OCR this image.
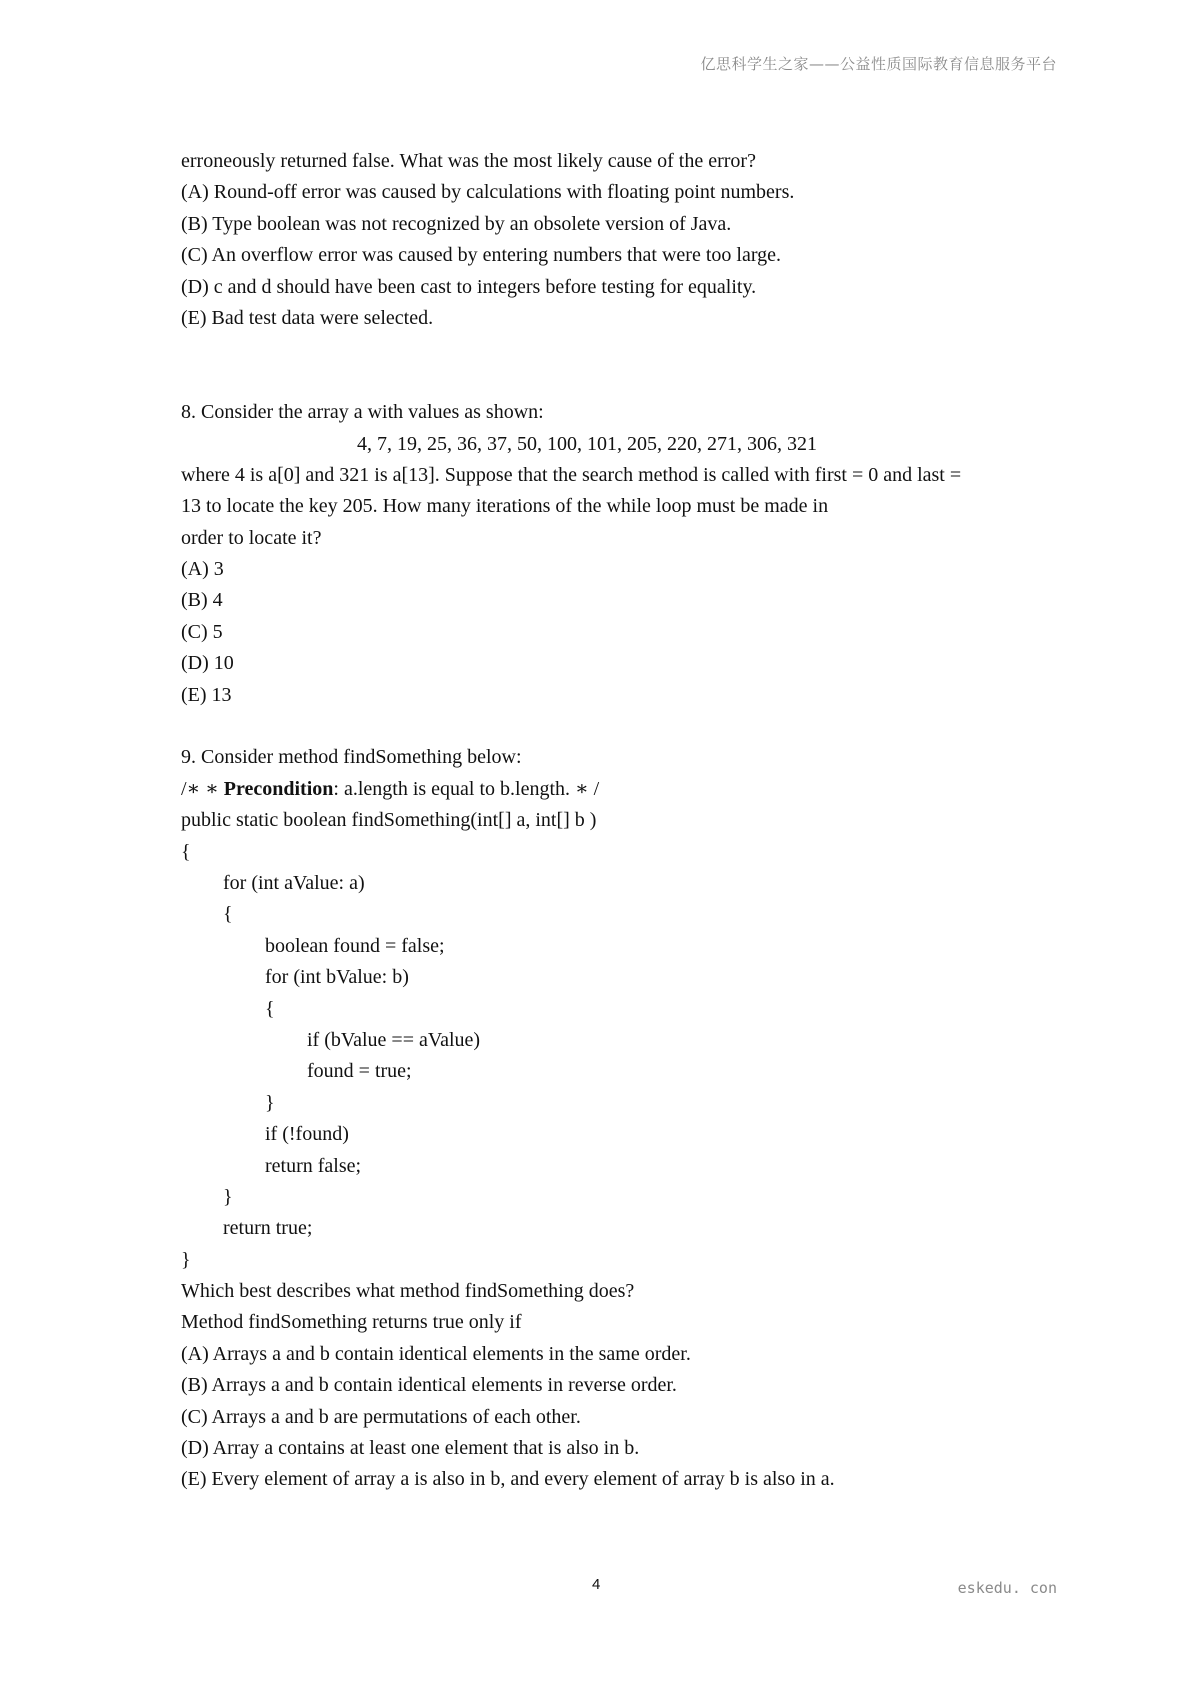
亿思科学生之家——公益性质国际教育信息服务平台
erroneously returned false. What was the most likely cause of the error?
(A) Round-off error was caused by calculations with floating point numbers.
(B) Type boolean was not recognized by an obsolete version of Java.
(C) An overflow error was caused by entering numbers that were too large.
(D) c and d should have been cast to integers before testing for equality.
(E) Bad test data were selected.
8. Consider the array a with values as shown:
4, 7, 19, 25, 36, 37, 50, 100, 101, 205, 220, 271, 306, 321
where 4 is a[0] and 321 is a[13]. Suppose that the search method is called with first = 0 and last =
13 to locate the key 205. How many iterations of the while loop must be made in
order to locate it?
(A) 3
(B) 4
(C) 5
(D) 10
(E) 13
9. Consider method findSomething below:
/∗ ∗ Precondition: a.length is equal to b.length. ∗ /
public static boolean findSomething(int[] a, int[] b )
{
for (int aValue: a)
{
boolean found = false;
for (int bValue: b)
{
if (bValue == aValue)
found = true;
}
if (!found)
return false;
}
return true;
}
Which best describes what method findSomething does?
Method findSomething returns true only if
(A) Arrays a and b contain identical elements in the same order.
(B) Arrays a and b contain identical elements in reverse order.
(C) Arrays a and b are permutations of each other.
(D) Array a contains at least one element that is also in b.
(E) Every element of array a is also in b, and every element of array b is also in a.
4	eskedu. con
